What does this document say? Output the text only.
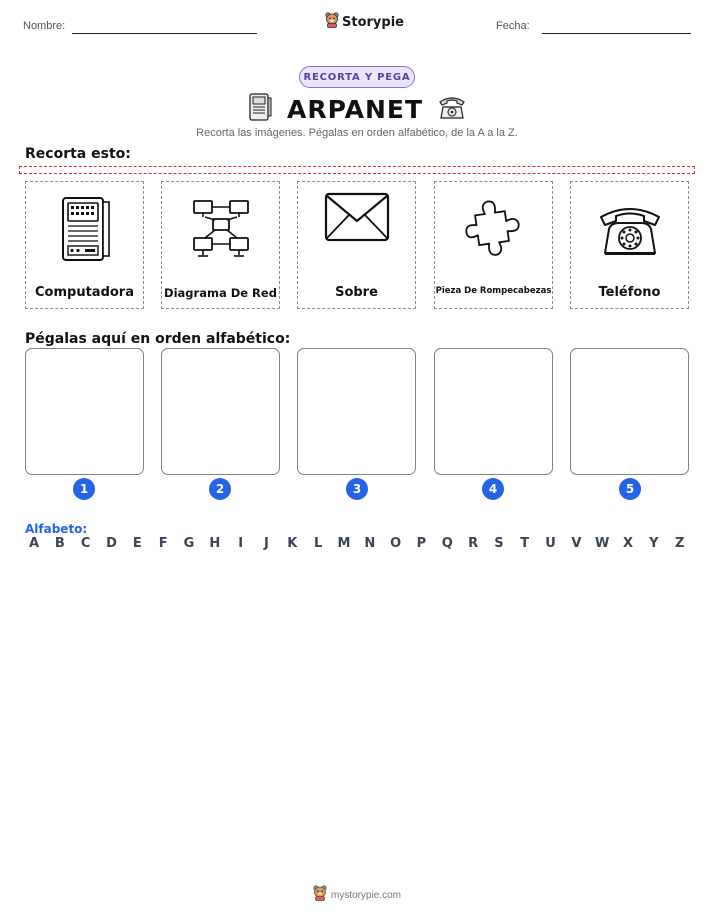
Nombre:	Storypie	Fecha:
RECORTA Y PEGA
ARPANET
Recorta las imágenes. Pégalas en orden alfabético, de la A a la Z.
Recorta esto:
Computadora	Diagrama De Red	Sobre	Pieza De Rompecabezas	Teléfono
Pégalas aquí en orden alfabético:
1	2	3	4	5
Alfabeto:
A	B	C	D	E	F	G H	I	J	K	L	M N O	P	Q	R	S	T	U	V	W	X	Y	Z
mystorypie.com
